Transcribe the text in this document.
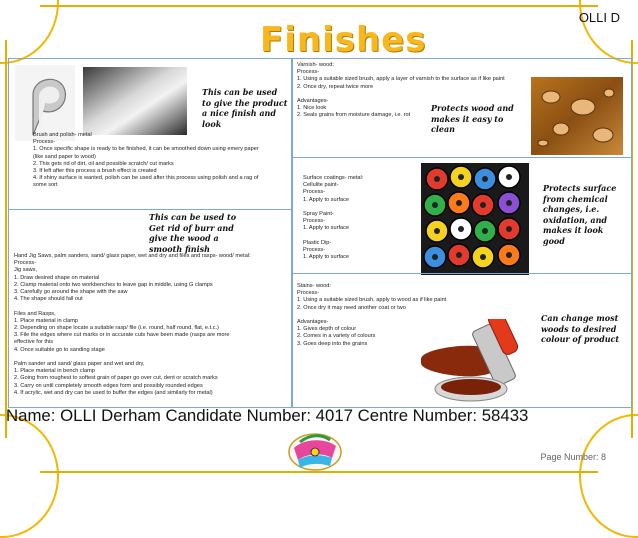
OLLI D
Finishes
This can be used to give the product a nice finish and look

Brush and polish- metal

Process-

1. Once specific shape is ready to be finished, it can be smoothed down using emery paper

(like sand paper to wood)

2. This gets rid of dirt, oil and possible scratch/ cut marks

3. If left after this process a brush effect is created

4. If shiny surface is wanted, polish can be used after this process using polish and a rag of

some sort

This can be used to Get rid of burr and give the wood a smooth finish

Hand Jig Saws, palm sanders, sand/ glass paper, wet and dry and files and rasps- wood/ metal:

Process-

Jig saws,

1. Draw desired shape on material

2. Clamp material onto two workbenches to leave gap in middle, using G clamps

3. Carefully go around the shape with the saw

4. The shape should fall out

Files and Rasps,

1. Place material in clamp

2. Depending on shape locate a suitable rasp/ file (i.e. round, half round, flat, e.t.c.)

3. File the edges where cut marks or in accurate cuts have been made (rasps are more

effective for this

4. Once suitable go to sanding stage

Palm sander and sand/ glass paper and wet and dry,

1. Place material in bench clamp

2. Going from roughest to softest grain of paper go over cut, dent or scratch marks

3. Carry on until completely smooth edges form and possibly rounded edges

4. If acrylic, wet and dry can be used to buffer the edges (and similarly for metal)

Varnish- wood:

Process-

1. Using a suitable sized brush, apply a layer of varnish to the surface as if like paint

2. Once dry, repeat twice more

Advantages-

1. Nice look

2. Seals grains from moisture damage, i.e. rot

Protects wood and makes it easy to clean

Surface coatings- metal:

Cellulite paint-

Process-

1. Apply to surface

Spray Paint-

Process-

1. Apply to surface

Plastic Dip-

Process-

1. Apply to surface

Protects surface from chemical changes, i.e. oxidation, and makes it look good

Stains- wood:

Process-

1. Using a suitable sized brush, apply to wood as if like paint

2. Once dry it may need another coat or two

Advantages-

1. Gives depth of colour

2. Comes in a variety of colours

3. Goes deep into the grains

Can change most woods to desired colour of product
Name: OLLI Derham Candidate Number: 4017 Centre Number: 58433
Page Number: 8
